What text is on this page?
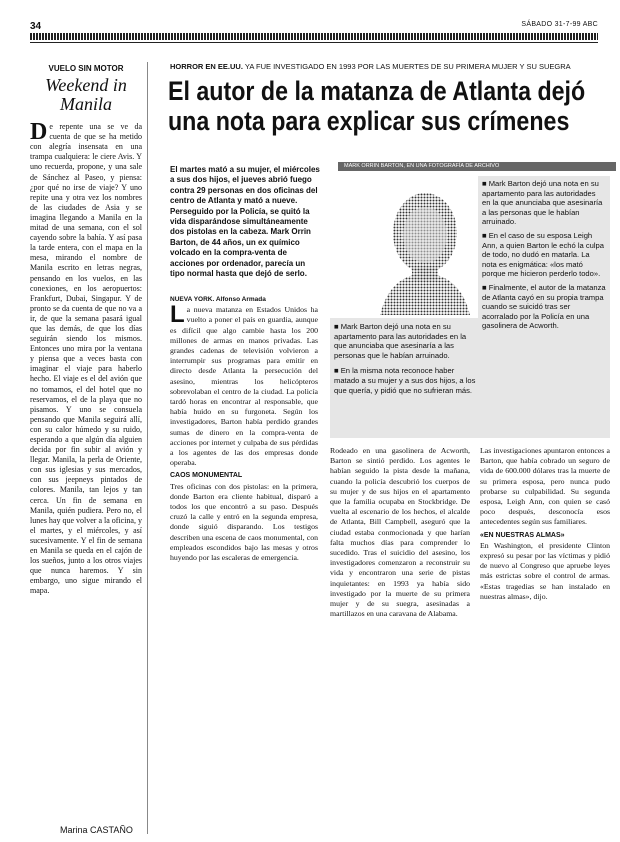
34	SÁBADO 31-7-99 ABC
VUELO SIN MOTOR
Weekend in
Manila
D e repente una se ve da cuenta de que se ha metido con alegría insensata en una trampa cualquiera: le ciere Avis. Y uno recuerda, propone, y una sale de Sánchez al Paseo, y piensa: ¿por qué no irse de viaje? Y uno repite una y otra vez los nombres de las ciudades de Asia y se imagina llegando a Manila en la mitad de una semana, con el sol cayendo sobre la bahía. Y así pasa la tarde entera, con el mapa en la mesa, mirando el nombre de Manila escrito en letras negras, pensando en los vuelos, en las conexiones, en los aeropuertos: Frankfurt, Dubai, Singapur. Y de pronto se da cuenta de que no va a ir, de que la semana pasará igual que las demás, de que los días seguirán siendo los mismos. Entonces uno mira por la ventana y piensa que a veces basta con imaginar el viaje para haberlo hecho. El viaje es el del avión que no tomamos, el del hotel que no reservamos, el de la playa que no pisamos. Y uno se consuela pensando que Manila seguirá allí, con su calor húmedo y su ruido, esperando a que algún día alguien decida por fin subir al avión y llegar. Manila, la perla de Oriente, con sus iglesias y sus mercados, con sus jeepneys pintados de colores. Manila, tan lejos y tan cerca. Un fin de semana en Manila, quién pudiera. Pero no, el lunes hay que volver a la oficina, y el martes, y el miércoles, y así sucesivamente. Y el fin de semana en Manila se queda en el cajón de los sueños, junto a los otros viajes que nunca haremos. Y sin embargo, uno sigue mirando el mapa.
Marina CASTAÑO
HORROR EN EE.UU. YA FUE INVESTIGADO EN 1993 POR LAS MUERTES DE SU PRIMERA MUJER Y SU SUEGRA
El autor de la matanza de Atlanta dejó una nota para explicar sus crímenes
El martes mató a su mujer, el miércoles a sus dos hijos, el jueves abrió fuego contra 29 personas en dos oficinas del centro de Atlanta y mató a nueve. Perseguido por la Policía, se quitó la vida disparándose simultáneamente dos pistolas en la cabeza. Mark Orrin Barton, de 44 años, un ex químico volcado en la compra-venta de acciones por ordenador, parecía un tipo normal hasta que dejó de serlo.
MARK ORRIN BARTON, EN UNA FOTOGRAFÍA DE ARCHIVO
■ Mark Barton dejó una nota en su apartamento para las autoridades en la que anunciaba que asesinaría a las personas que le habían arruinado.
■ En el caso de su esposa Leigh Ann, a quien Barton le echó la culpa de todo, no dudó en matarla. La nota es enigmática: «los mató porque me hicieron perderlo todo».
■ Finalmente, el autor de la matanza de Atlanta cayó en su propia trampa cuando se suicidó tras ser acorralado por la Policía en una gasolinera de Acworth.
■ Mark Barton dejó una nota en su apartamento para las autoridades en la que anunciaba que asesinaría a las personas que le habían arruinado.
■ En la misma nota reconoce haber matado a su mujer y a sus dos hijos, a los que quería, y pidió que no sufrieran más.
NUEVA YORK. Alfonso Armada

La nueva matanza en Estados Unidos ha vuelto a poner el país en guardia, aunque es difícil que algo cambie hasta los 200 millones de armas en manos privadas. Las grandes cadenas de televisión volvieron a interrumpir sus programas para emitir en directo desde Atlanta la persecución del asesino, mientras los helicópteros sobrevolaban el centro de la ciudad. La policía tardó horas en encontrar al responsable, que había huido en su furgoneta. Según los investigadores, Barton había perdido grandes sumas de dinero en la compra-venta de acciones por internet y culpaba de sus pérdidas a los agentes de las dos empresas donde operaba.

CAOS MONUMENTAL

Tres oficinas con dos pistolas: en la primera, donde Barton era cliente habitual, disparó a todos los que encontró a su paso. Después cruzó la calle y entró en la segunda empresa, donde siguió disparando. Los testigos describen una escena de caos monumental, con empleados escondidos bajo las mesas y otros huyendo por las escaleras de emergencia.

Rodeado en una gasolinera de Acworth, Barton se sintió perdido. Los agentes le habían seguido la pista desde la mañana, cuando la policía descubrió los cuerpos de su mujer y de sus hijos en el apartamento que la familia ocupaba en Stockbridge. De vuelta al escenario de los hechos, el alcalde de Atlanta, Bill Campbell, aseguró que la ciudad estaba conmocionada y que harían falta muchos días para comprender lo sucedido. Tras el suicidio del asesino, los investigadores comenzaron a reconstruir su vida y encontraron una serie de pistas inquietantes: en 1993 ya había sido investigado por la muerte de su primera mujer y de su suegra, asesinadas a martillazos en una caravana de Alabama.

Las investigaciones apuntaron entonces a Barton, que había cobrado un seguro de vida de 600.000 dólares tras la muerte de su primera esposa, pero nunca pudo probarse su culpabilidad. Su segunda esposa, Leigh Ann, con quien se casó poco después, desconocía esos antecedentes según sus familiares.

«EN NUESTRAS ALMAS»

En Washington, el presidente Clinton expresó su pesar por las víctimas y pidió de nuevo al Congreso que apruebe leyes más estrictas sobre el control de armas. «Estas tragedias se han instalado en nuestras almas», dijo.
